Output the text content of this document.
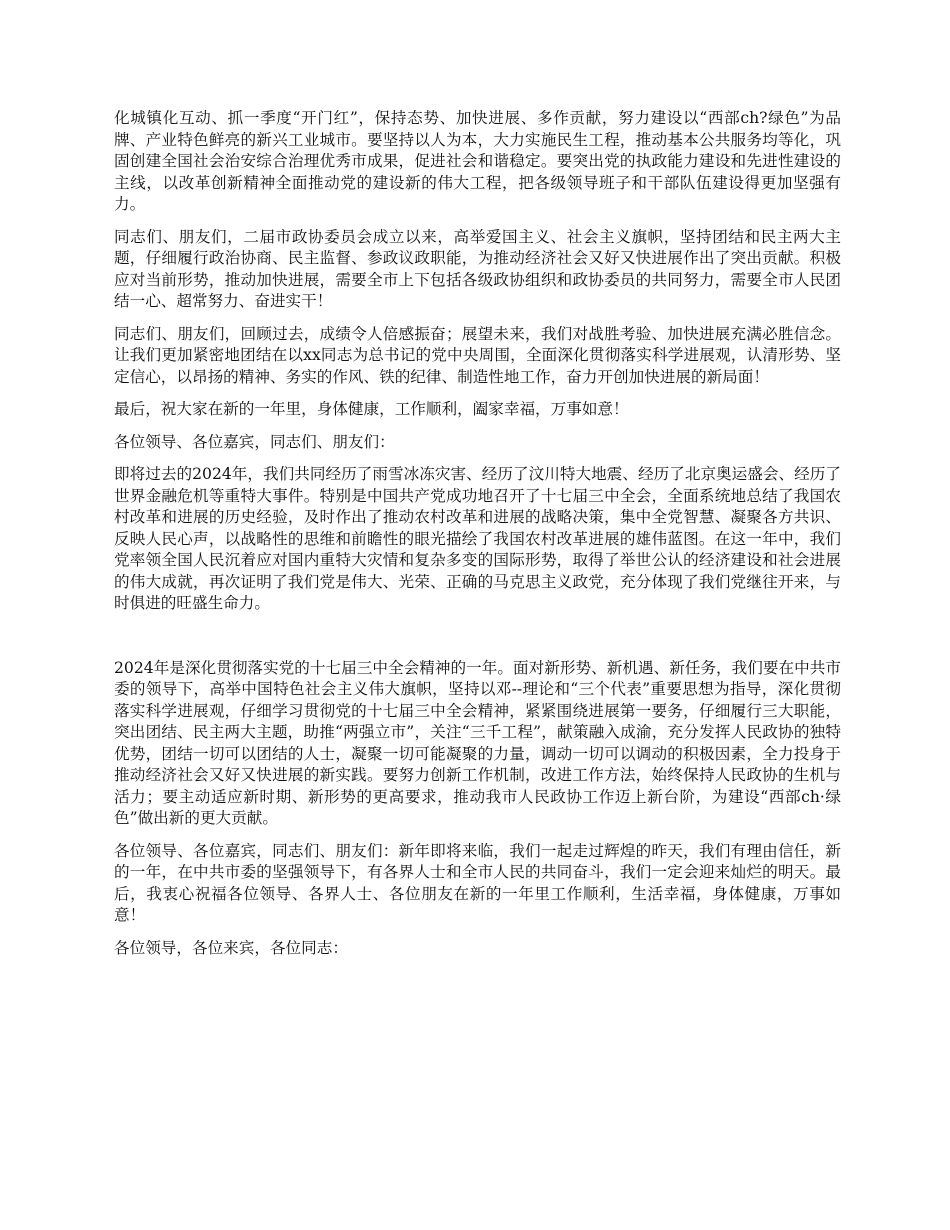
化城镇化互动、抓一季度“开门红”，保持态势、加快进展、多作贡献，努力建设以“西部ch?绿色”为品牌、产业特色鲜亮的新兴工业城市。要坚持以人为本，大力实施民生工程，推动基本公共服务均等化，巩固创建全国社会治安综合治理优秀市成果，促进社会和谐稳定。要突出党的执政能力建设和先进性建设的主线，以改革创新精神全面推动党的建设新的伟大工程，把各级领导班子和干部队伍建设得更加坚强有力。

同志们、朋友们，二届市政协委员会成立以来，高举爱国主义、社会主义旗帜，坚持团结和民主两大主题，仔细履行政治协商、民主监督、参政议政职能，为推动经济社会又好又快进展作出了突出贡献。积极应对当前形势，推动加快进展，需要全市上下包括各级政协组织和政协委员的共同努力，需要全市人民团结一心、超常努力、奋进实干！

同志们、朋友们，回顾过去，成绩令人倍感振奋；展望未来，我们对战胜考验、加快进展充满必胜信念。让我们更加紧密地团结在以xx同志为总书记的党中央周围，全面深化贯彻落实科学进展观，认清形势、坚定信心，以昂扬的精神、务实的作风、铁的纪律、制造性地工作，奋力开创加快进展的新局面！

最后，祝大家在新的一年里，身体健康，工作顺利，阖家幸福，万事如意！

各位领导、各位嘉宾，同志们、朋友们：

即将过去的2024年，我们共同经历了雨雪冰冻灾害、经历了汶川特大地震、经历了北京奥运盛会、经历了世界金融危机等重特大事件。特别是中国共产党成功地召开了十七届三中全会，全面系统地总结了我国农村改革和进展的历史经验，及时作出了推动农村改革和进展的战略决策，集中全党智慧、凝聚各方共识、反映人民心声，以战略性的思维和前瞻性的眼光描绘了我国农村改革进展的雄伟蓝图。在这一年中，我们党率领全国人民沉着应对国内重特大灾情和复杂多变的国际形势，取得了举世公认的经济建设和社会进展的伟大成就，再次证明了我们党是伟大、光荣、正确的马克思主义政党，充分体现了我们党继往开来，与时俱进的旺盛生命力。

2024年是深化贯彻落实党的十七届三中全会精神的一年。面对新形势、新机遇、新任务，我们要在中共市委的领导下，高举中国特色社会主义伟大旗帜，坚持以邓--理论和“三个代表”重要思想为指导，深化贯彻落实科学进展观，仔细学习贯彻党的十七届三中全会精神，紧紧围绕进展第一要务，仔细履行三大职能，突出团结、民主两大主题，助推“两强立市”，关注“三千工程”，献策融入成渝，充分发挥人民政协的独特优势，团结一切可以团结的人士，凝聚一切可能凝聚的力量，调动一切可以调动的积极因素，全力投身于推动经济社会又好又快进展的新实践。要努力创新工作机制，改进工作方法，始终保持人民政协的生机与活力；要主动适应新时期、新形势的更高要求，推动我市人民政协工作迈上新台阶，为建设“西部ch·绿色”做出新的更大贡献。

各位领导、各位嘉宾，同志们、朋友们：新年即将来临，我们一起走过辉煌的昨天，我们有理由信任，新的一年，在中共市委的坚强领导下，有各界人士和全市人民的共同奋斗，我们一定会迎来灿烂的明天。最后，我衷心祝福各位领导、各界人士、各位朋友在新的一年里工作顺利，生活幸福，身体健康，万事如意！

各位领导，各位来宾，各位同志：
